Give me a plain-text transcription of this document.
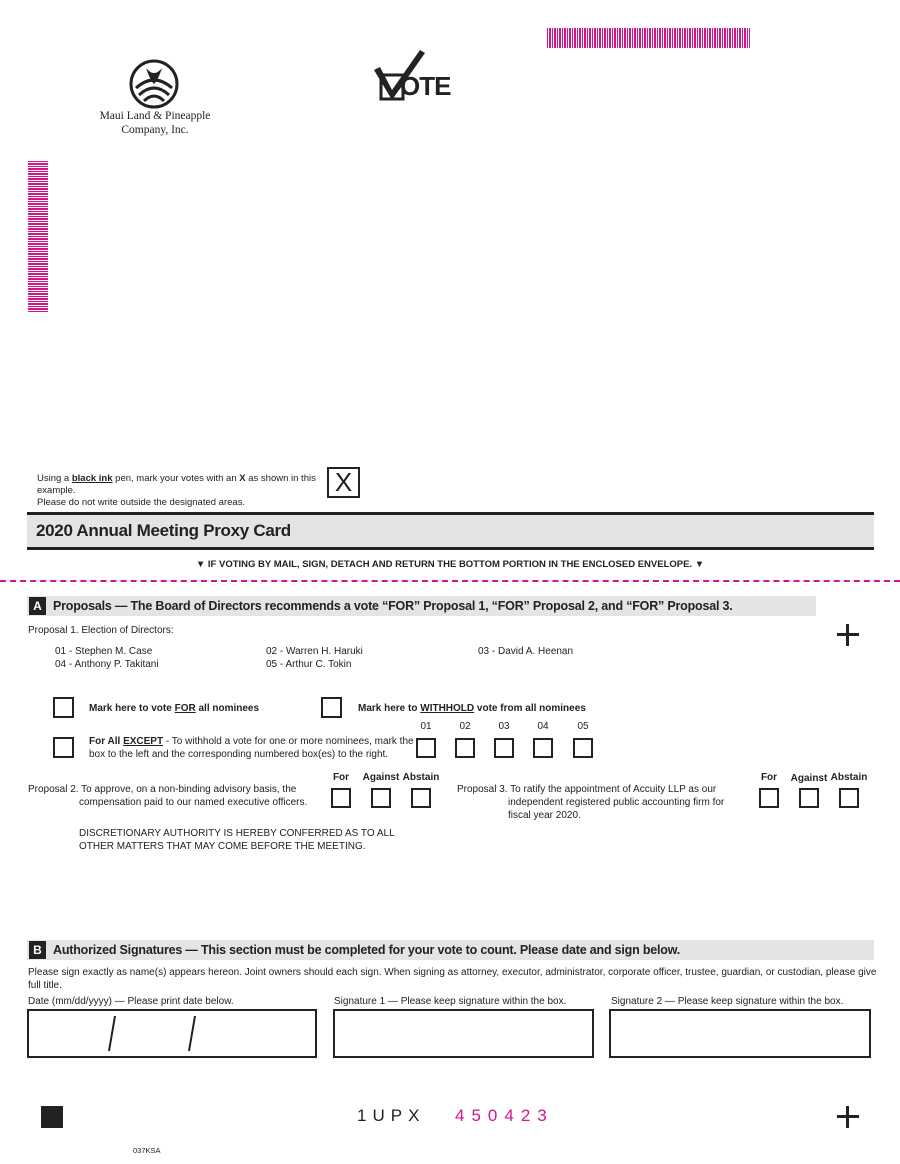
Maui Land & Pineapple
Company, Inc.
OTE
Using a black ink pen, mark your votes with an X as shown in this example.
Please do not write outside the designated areas.
X
2020 Annual Meeting Proxy Card
▼ IF VOTING BY MAIL, SIGN, DETACH AND RETURN THE BOTTOM PORTION IN THE ENCLOSED ENVELOPE. ▼
A Proposals — The Board of Directors recommends a vote “FOR” Proposal 1, “FOR” Proposal 2, and “FOR” Proposal 3.
Proposal 1. Election of Directors:
01 - Stephen M. Case	02 - Warren H. Haruki	03 - David A. Heenan
04 - Anthony P. Takitani	05 - Arthur C. Tokin
Mark here to vote FOR all nominees	Mark here to WITHHOLD vote from all nominees
For All EXCEPT - To withhold a vote for one or more nominees, mark the
box to the left and the corresponding numbered box(es) to the right.
01	02	03	04	05
For	Against Abstain
Proposal 2. To approve, on a non-binding advisory basis, the
compensation paid to our named executive officers.
For	Against Abstain
Proposal 3. To ratify the appointment of Accuity LLP as our
independent registered public accounting firm for
fiscal year 2020.
DISCRETIONARY AUTHORITY IS HEREBY CONFERRED AS TO ALL
OTHER MATTERS THAT MAY COME BEFORE THE MEETING.
B Authorized Signatures — This section must be completed for your vote to count. Please date and sign below.
Please sign exactly as name(s) appears hereon. Joint owners should each sign. When signing as attorney, executor, administrator, corporate officer, trustee, guardian, or custodian, please give
full title.
Date (mm/dd/yyyy) — Please print date below.	Signature 1 — Please keep signature within the box.	Signature 2 — Please keep signature within the box.
1UPX 450423
037KSA
